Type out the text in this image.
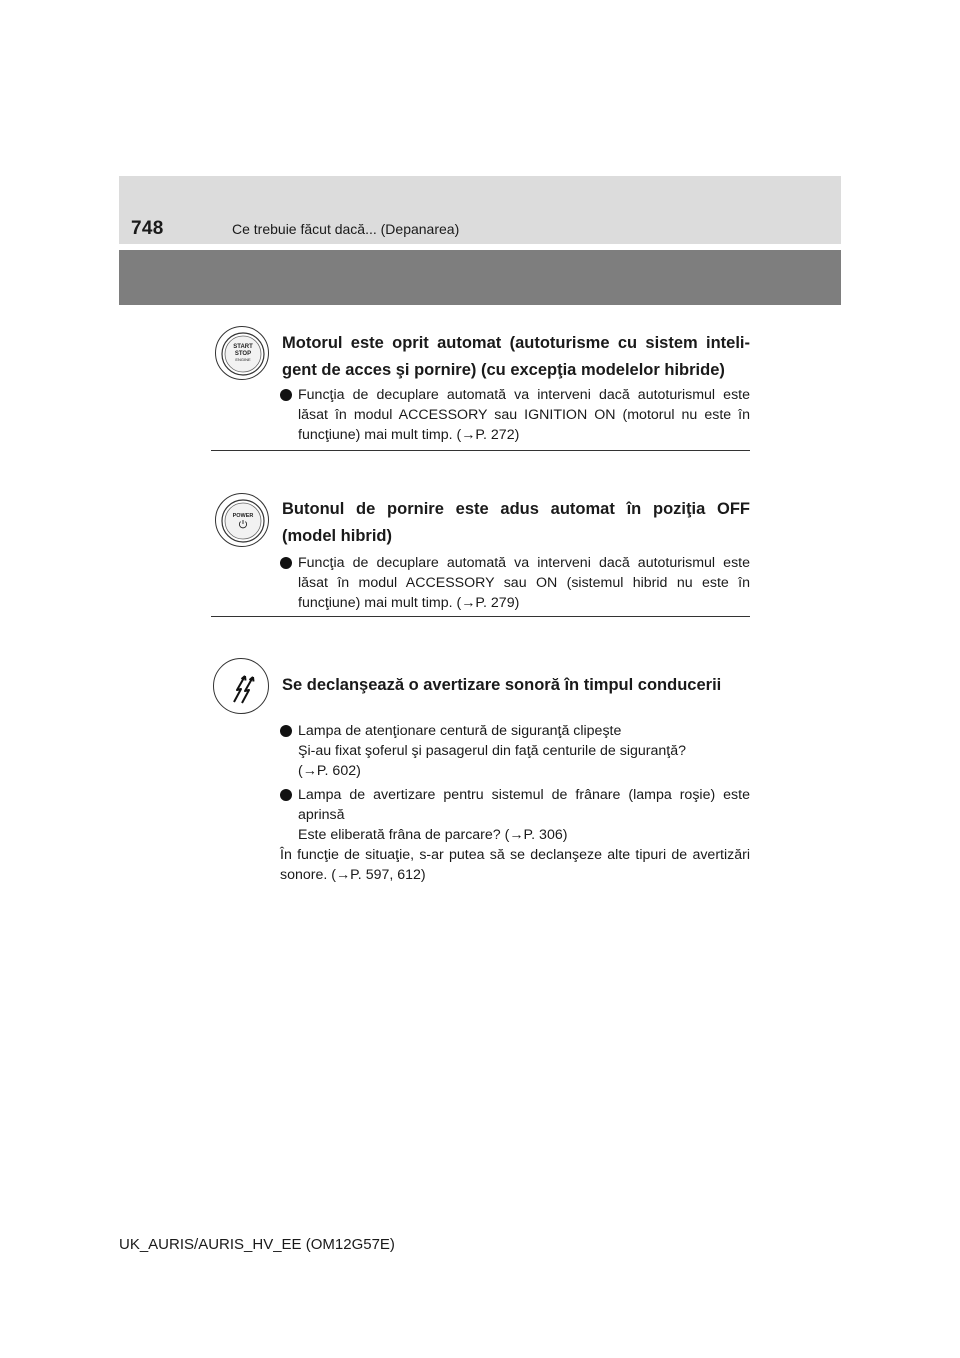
748	Ce trebuie făcut dacă... (Depanarea)
START
STOP
ENGINE
Motorul este oprit automat (autoturisme cu sistem inteli-gent de acces şi pornire) (cu excepţia modelelor hibride)
Funcţia de decuplare automată va interveni dacă autoturismul este lăsat în modul ACCESSORY sau IGNITION ON (motorul nu este în funcţiune) mai mult timp. (→P. 272)
POWER Butonul de pornire este adus automat în poziţia OFF (model hibrid)
Funcţia de decuplare automată va interveni dacă autoturismul este lăsat în modul ACCESSORY sau ON (sistemul hibrid nu este în funcţiune) mai mult timp. (→P. 279)
Se declanşează o avertizare sonoră în timpul conducerii
Lampa de atenţionare centură de siguranţă clipeşte
Şi-au fixat şoferul şi pasagerul din faţă centurile de siguranţă?
(→P. 602)
Lampa de avertizare pentru sistemul de frânare (lampa roşie) este aprinsă
Este eliberată frâna de parcare? (→P. 306)
În funcţie de situaţie, s-ar putea să se declanşeze alte tipuri de avertizări sonore. (→P. 597, 612)
UK_AURIS/AURIS_HV_EE (OM12G57E)
